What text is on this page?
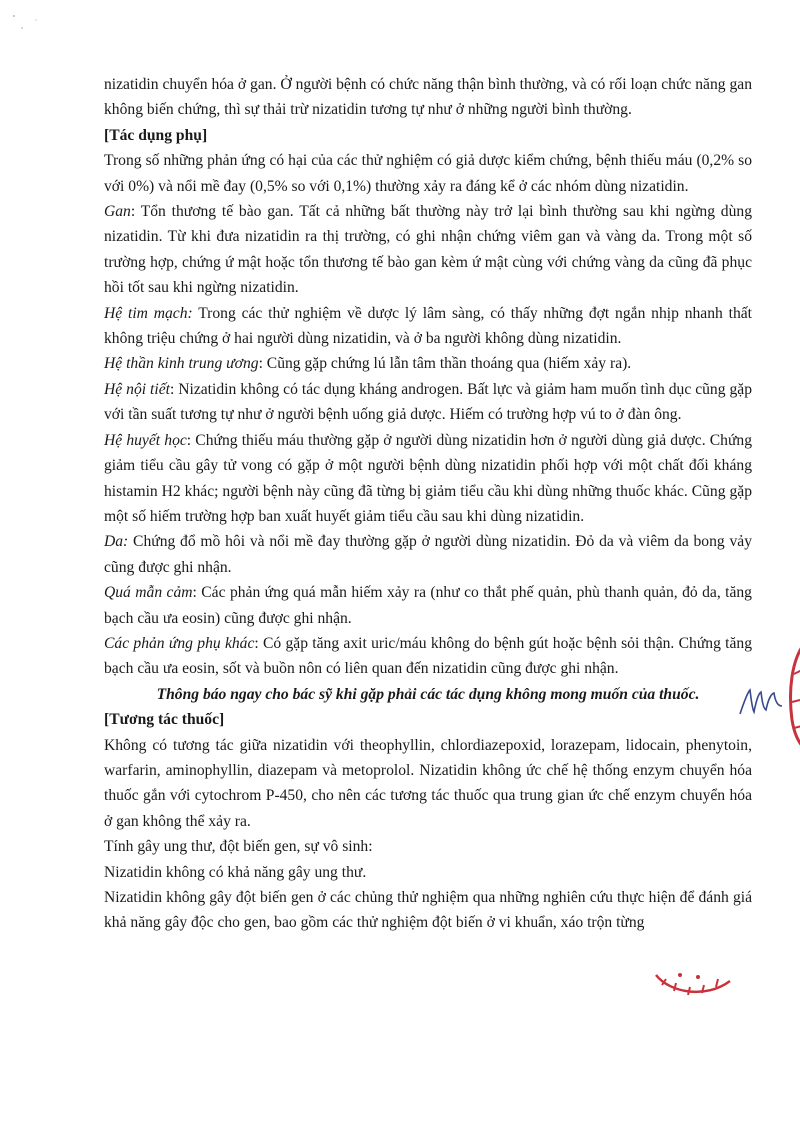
nizatidin chuyển hóa ở gan. Ở người bệnh có chức năng thận bình thường, và có rối loạn chức năng gan không biến chứng, thì sự thải trừ nizatidin tương tự như ở những người bình thường.

[Tác dụng phụ]

Trong số những phản ứng có hại của các thử nghiệm có giả dược kiểm chứng, bệnh thiếu máu (0,2% so với 0%) và nổi mề đay (0,5% so với 0,1%) thường xảy ra đáng kể ở các nhóm dùng nizatidin.

Gan: Tổn thương tế bào gan. Tất cả những bất thường này trở lại bình thường sau khi ngừng dùng nizatidin. Từ khi đưa nizatidin ra thị trường, có ghi nhận chứng viêm gan và vàng da. Trong một số trường hợp, chứng ứ mật hoặc tổn thương tế bào gan kèm ứ mật cùng với chứng vàng da cũng đã phục hồi tốt sau khi ngừng nizatidin.

Hệ tim mạch: Trong các thử nghiệm về dược lý lâm sàng, có thấy những đợt ngắn nhịp nhanh thất không triệu chứng ở hai người dùng nizatidin, và ở ba người không dùng nizatidin.

Hệ thần kinh trung ương: Cũng gặp chứng lú lẫn tâm thần thoáng qua (hiếm xảy ra).

Hệ nội tiết: Nizatidin không có tác dụng kháng androgen. Bất lực và giảm ham muốn tình dục cũng gặp với tần suất tương tự như ở người bệnh uống giả dược. Hiếm có trường hợp vú to ở đàn ông.

Hệ huyết học: Chứng thiếu máu thường gặp ở người dùng nizatidin hơn ở người dùng giả dược. Chứng giảm tiểu cầu gây tử vong có gặp ở một người bệnh dùng nizatidin phối hợp với một chất đối kháng histamin H2 khác; người bệnh này cũng đã từng bị giảm tiểu cầu khi dùng những thuốc khác. Cũng gặp một số hiếm trường hợp ban xuất huyết giảm tiểu cầu sau khi dùng nizatidin.

Da: Chứng đổ mồ hôi và nổi mề đay thường gặp ở người dùng nizatidin. Đỏ da và viêm da bong vảy cũng được ghi nhận.

Quá mẫn cảm: Các phản ứng quá mẫn hiếm xảy ra (như co thắt phế quản, phù thanh quản, đỏ da, tăng bạch cầu ưa eosin) cũng được ghi nhận.

Các phản ứng phụ khác: Có gặp tăng axit uric/máu không do bệnh gút hoặc bệnh sỏi thận. Chứng tăng bạch cầu ưa eosin, sốt và buồn nôn có liên quan đến nizatidin cũng được ghi nhận.

Thông báo ngay cho bác sỹ khi gặp phải các tác dụng không mong muốn của thuốc.

[Tương tác thuốc]

Không có tương tác giữa nizatidin với theophyllin, chlordiazepoxid, lorazepam, lidocain, phenytoin, warfarin, aminophyllin, diazepam và metoprolol. Nizatidin không ức chế hệ thống enzym chuyển hóa thuốc gắn với cytochrom P-450, cho nên các tương tác thuốc qua trung gian ức chế enzym chuyển hóa ở gan không thể xảy ra.

Tính gây ung thư, đột biến gen, sự vô sinh:

Nizatidin không có khả năng gây ung thư.

Nizatidin không gây đột biến gen ở các chủng thử nghiệm qua những nghiên cứu thực hiện để đánh giá khả năng gây độc cho gen, bao gồm các thử nghiệm đột biến ở vi khuẩn, xáo trộn từng
